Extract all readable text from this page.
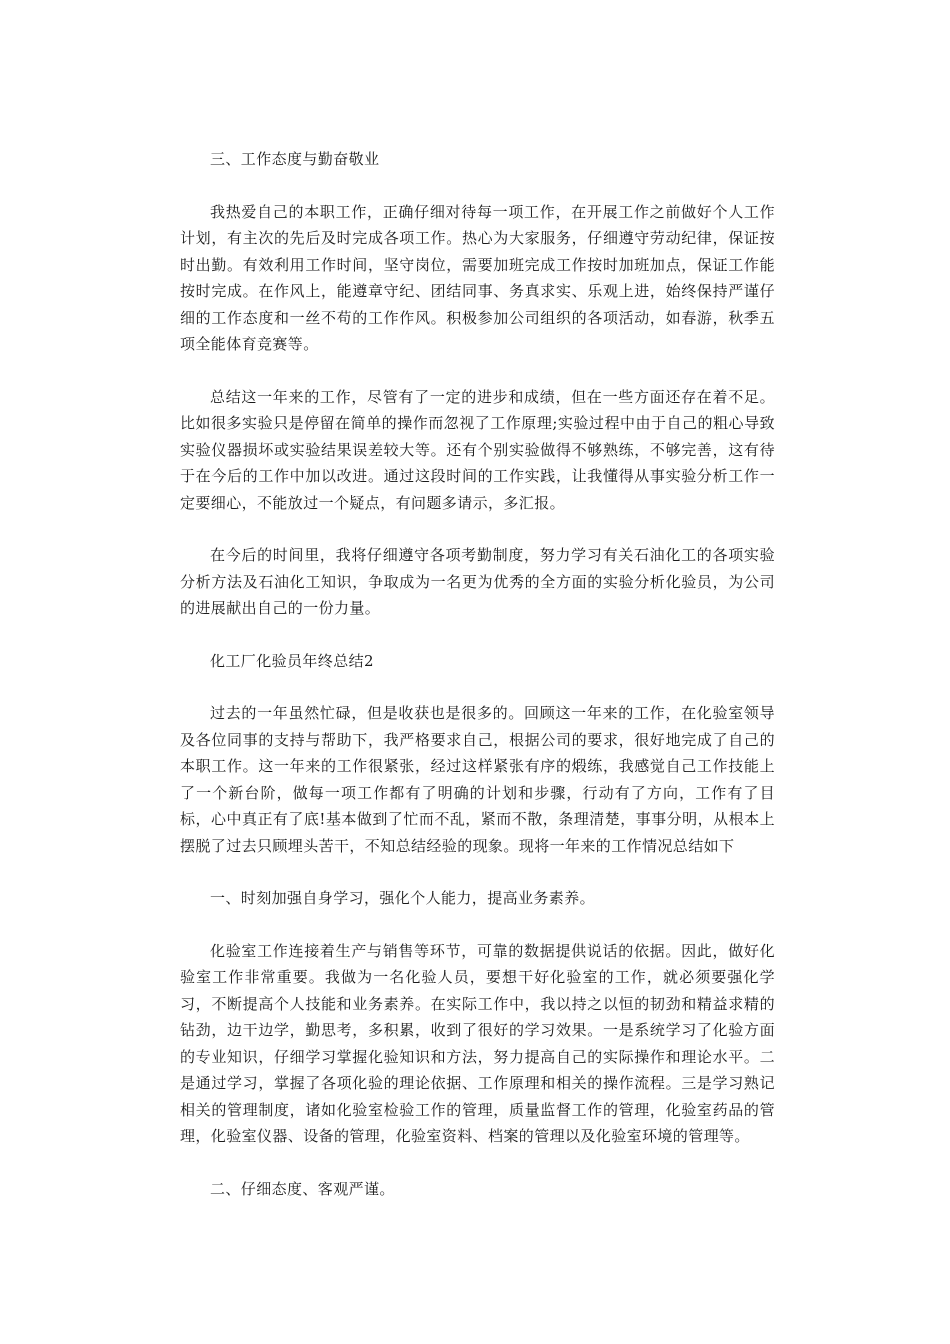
三、工作态度与勤奋敬业

我热爱自己的本职工作，正确仔细对待每一项工作，在开展工作之前做好个人工作计划，有主次的先后及时完成各项工作。热心为大家服务，仔细遵守劳动纪律，保证按时出勤。有效利用工作时间，坚守岗位，需要加班完成工作按时加班加点，保证工作能按时完成。在作风上，能遵章守纪、团结同事、务真求实、乐观上进，始终保持严谨仔细的工作态度和一丝不苟的工作作风。积极参加公司组织的各项活动，如春游，秋季五项全能体育竞赛等。

总结这一年来的工作，尽管有了一定的进步和成绩，但在一些方面还存在着不足。比如很多实验只是停留在简单的操作而忽视了工作原理;实验过程中由于自己的粗心导致实验仪器损坏或实验结果误差较大等。还有个别实验做得不够熟练，不够完善，这有待于在今后的工作中加以改进。通过这段时间的工作实践，让我懂得从事实验分析工作一定要细心，不能放过一个疑点，有问题多请示，多汇报。

在今后的时间里，我将仔细遵守各项考勤制度，努力学习有关石油化工的各项实验分析方法及石油化工知识，争取成为一名更为优秀的全方面的实验分析化验员，为公司的进展献出自己的一份力量。

化工厂化验员年终总结2

过去的一年虽然忙碌，但是收获也是很多的。回顾这一年来的工作，在化验室领导及各位同事的支持与帮助下，我严格要求自己，根据公司的要求，很好地完成了自己的本职工作。这一年来的工作很紧张，经过这样紧张有序的煅练，我感觉自己工作技能上了一个新台阶，做每一项工作都有了明确的计划和步骤，行动有了方向，工作有了目标，心中真正有了底!基本做到了忙而不乱，紧而不散，条理清楚，事事分明，从根本上摆脱了过去只顾埋头苦干，不知总结经验的现象。现将一年来的工作情况总结如下

一、时刻加强自身学习，强化个人能力，提高业务素养。

化验室工作连接着生产与销售等环节，可靠的数据提供说话的依据。因此，做好化验室工作非常重要。我做为一名化验人员，要想干好化验室的工作，就必须要强化学习，不断提高个人技能和业务素养。在实际工作中，我以持之以恒的韧劲和精益求精的钻劲，边干边学，勤思考，多积累，收到了很好的学习效果。一是系统学习了化验方面的专业知识，仔细学习掌握化验知识和方法，努力提高自己的实际操作和理论水平。二是通过学习，掌握了各项化验的理论依据、工作原理和相关的操作流程。三是学习熟记相关的管理制度，诸如化验室检验工作的管理，质量监督工作的管理，化验室药品的管理，化验室仪器、设备的管理，化验室资料、档案的管理以及化验室环境的管理等。

二、仔细态度、客观严谨。
